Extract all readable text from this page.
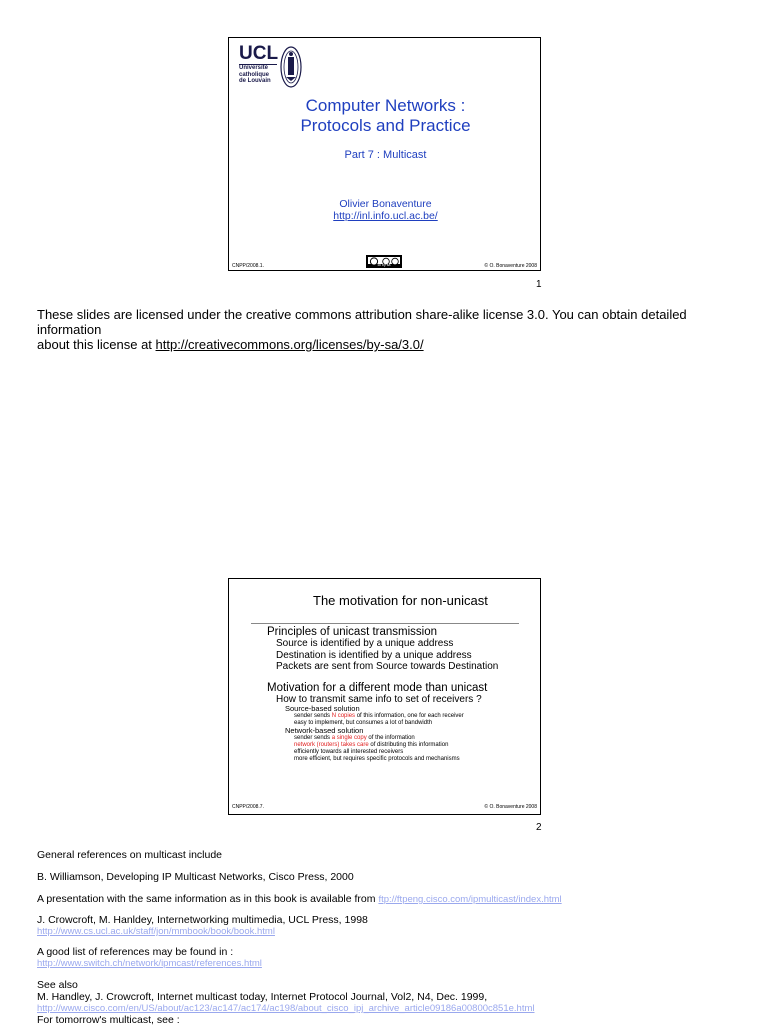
UCL
Université
catholique
de Louvain
Computer Networks :
Protocols and Practice
Part 7 : Multicast
Olivier Bonaventure
http://inl.info.ucl.ac.be/
CNPP/2008.1.	cc by sa	© O. Bonaventure 2008
1
These slides are licensed under the creative commons attribution share-alike license 3.0. You can obtain detailed
information
about this license at http://creativecommons.org/licenses/by-sa/3.0/
The motivation for non-unicast
Principles of unicast transmission
Source is identified by a unique address
Destination is identified by a unique address
Packets are sent from Source towards Destination
Motivation for a different mode than unicast
How to transmit same info to set of receivers ?
Source-based solution
sender sends N copies of this information, one for each receiver
easy to implement, but consumes a lot of bandwidth
Network-based solution
sender sends a single copy of the information
network (routers) takes care of distributing this information
efficiently towards all interested receivers
more efficient, but requires specific protocols and mechanisms
CNPP/2008.7.	© O. Bonaventure 2008
2
General references on multicast include
B. Williamson, Developing IP Multicast Networks, Cisco Press, 2000
A presentation with the same information as in this book is available from ftp://ftpeng.cisco.com/ipmulticast/index.html
J. Crowcroft, M. Hanldey, Internetworking multimedia, UCL Press, 1998
http://www.cs.ucl.ac.uk/staff/jon/mmbook/book/book.html
A good list of references may be found in :
http://www.switch.ch/network/ipmcast/references.html
See also
M. Handley, J. Crowcroft, Internet multicast today, Internet Protocol Journal, Vol2, N4, Dec. 1999,
http://www.cisco.com/en/US/about/ac123/ac147/ac174/ac198/about_cisco_ipj_archive_article09186a00800c851e.html
For tomorrow's multicast, see :
